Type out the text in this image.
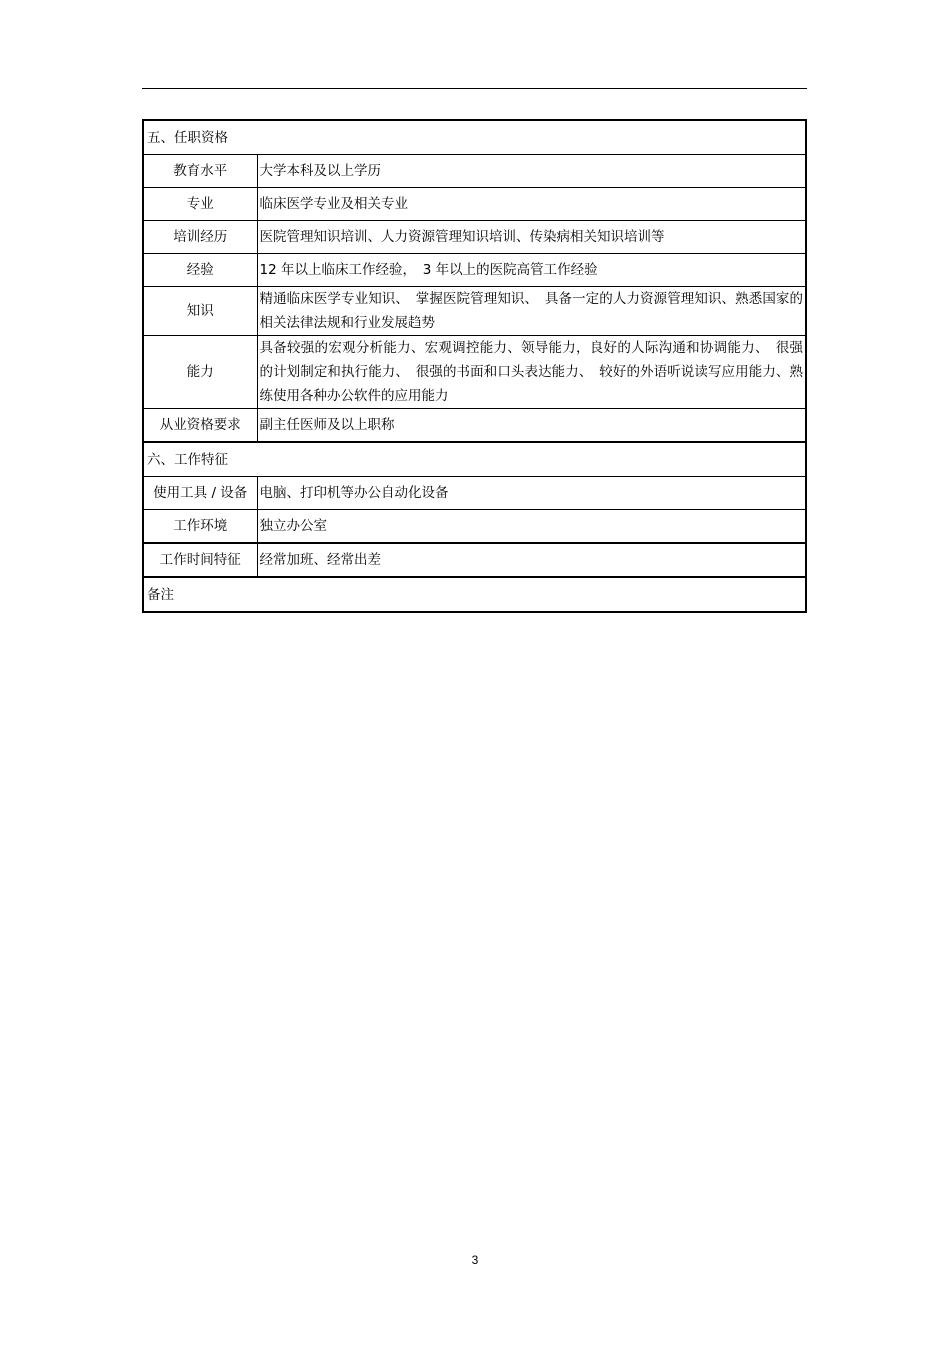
五、任职资格	
教育水平	大学本科及以上学历
专业	临床医学专业及相关专业
培训经历	医院管理知识培训、人力资源管理知识培训、传染病相关知识培训等
经验	12 年以上临床工作经验，　3 年以上的医院高管工作经验
知识	精通临床医学专业知识、　掌握医院管理知识、　具备一定的人力资源管理知识、熟悉国家的相关法律法规和行业发展趋势
能力	具备较强的宏观分析能力、宏观调控能力、领导能力，良好的人际沟通和协调能力、　很强的计划制定和执行能力、　很强的书面和口头表达能力、　较好的外语听说读写应用能力、熟练使用各种办公软件的应用能力
从业资格要求	副主任医师及以上职称
六、工作特征	
使用工具 / 设备	电脑、打印机等办公自动化设备
工作环境	独立办公室
工作时间特征	经常加班、经常出差
备注	
3
